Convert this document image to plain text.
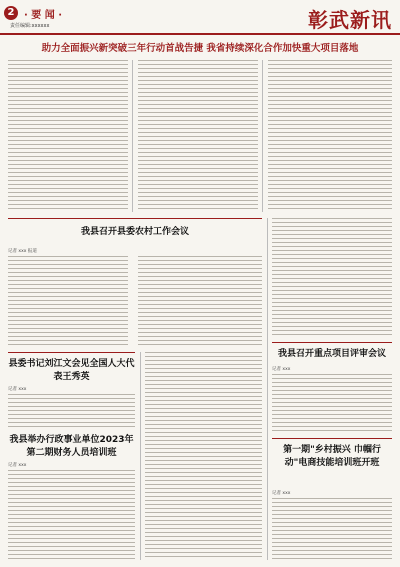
2 · 要 闻 ·
责任编辑:xxxxxx	彰武新讯
助力全面振兴新突破三年行动首战告捷 我省持续深化合作加快重大项目落地
我县召开县委农村工作会议
记者 xxx 报道
县委书记刘江文会见全国人大代表王秀英
记者 xxx
我县举办行政事业单位2023年第二期财务人员培训班
记者 xxx
我县召开重点项目评审会议
记者 xxx
第一期"乡村振兴 巾帼行动"电商技能培训班开班
记者 xxx
